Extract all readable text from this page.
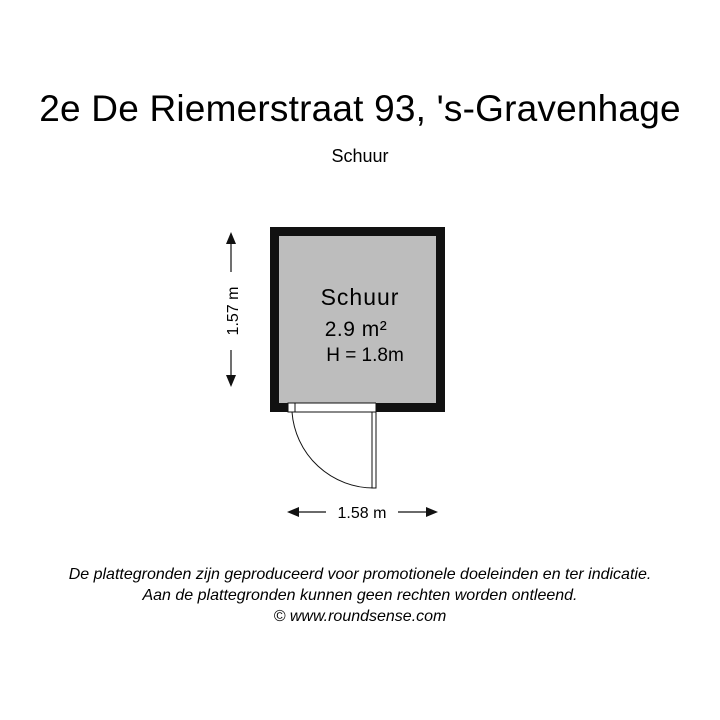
2e De Riemerstraat 93, 's-Gravenhage
Schuur
Schuur
2.9 m²
H = 1.8m
1.57 m
1.58 m
De plattegronden zijn geproduceerd voor promotionele doeleinden en ter indicatie.
Aan de plattegronden kunnen geen rechten worden ontleend.
© www.roundsense.com
